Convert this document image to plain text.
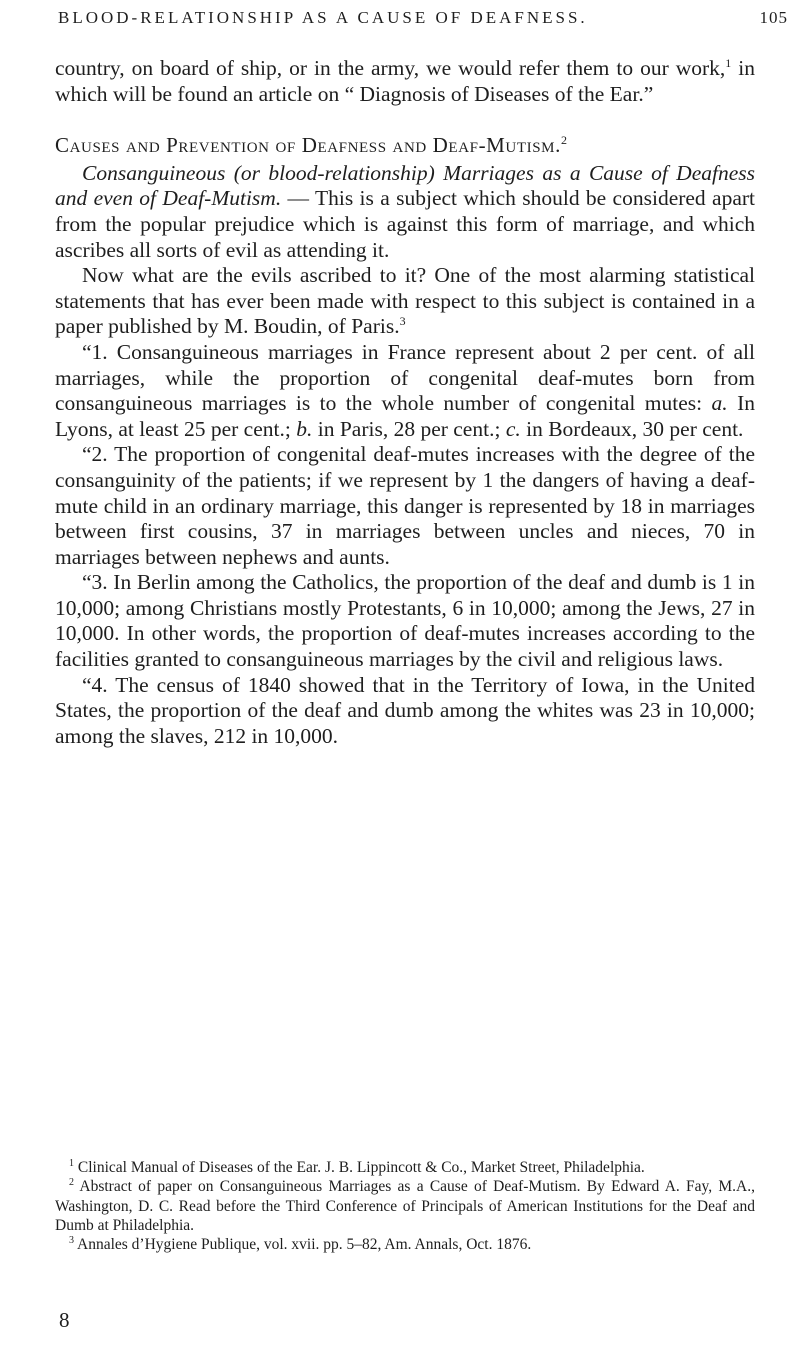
BLOOD-RELATIONSHIP AS A CAUSE OF DEAFNESS.	105

country, on board of ship, or in the army, we would refer them to our work,$^1$ in which will be found an article on “ Diagnosis of Diseases of the Ear.”

Causes and Prevention of Deafness and Deaf-Mutism.$^2$

Consanguineous (or blood-relationship) Marriages as a Cause of Deafness and even of Deaf-Mutism. — This is a subject which should be considered apart from the popular prejudice which is against this form of marriage, and which ascribes all sorts of evil as attending it.

Now what are the evils ascribed to it? One of the most alarming statistical statements that has ever been made with respect to this subject is contained in a paper published by M. Boudin, of Paris.$^3$

“1. Consanguineous marriages in France represent about 2 per cent. of all marriages, while the proportion of congenital deaf-mutes born from consanguineous marriages is to the whole number of congenital mutes: a. In Lyons, at least 25 per cent.; b. in Paris, 28 per cent.; c. in Bordeaux, 30 per cent.

“2. The proportion of congenital deaf-mutes increases with the degree of the consanguinity of the patients; if we represent by 1 the dangers of having a deaf-mute child in an ordinary marriage, this danger is represented by 18 in marriages between first cousins, 37 in marriages between uncles and nieces, 70 in marriages between nephews and aunts.

“3. In Berlin among the Catholics, the proportion of the deaf and dumb is 1 in 10,000; among Christians mostly Protestants, 6 in 10,000; among the Jews, 27 in 10,000. In other words, the proportion of deaf-mutes increases according to the facilities granted to consanguineous marriages by the civil and religious laws.

“4. The census of 1840 showed that in the Territory of Iowa, in the United States, the proportion of the deaf and dumb among the whites was 23 in 10,000; among the slaves, 212 in 10,000.

$^1$ Clinical Manual of Diseases of the Ear. J. B. Lippincott & Co., Market Street, Philadelphia.

$^2$ Abstract of paper on Consanguineous Marriages as a Cause of Deaf-Mutism. By Edward A. Fay, M.A., Washington, D. C. Read before the Third Conference of Principals of American Institutions for the Deaf and Dumb at Philadelphia.

$^3$ Annales d’Hygiene Publique, vol. xvii. pp. 5–82, Am. Annals, Oct. 1876.

8
